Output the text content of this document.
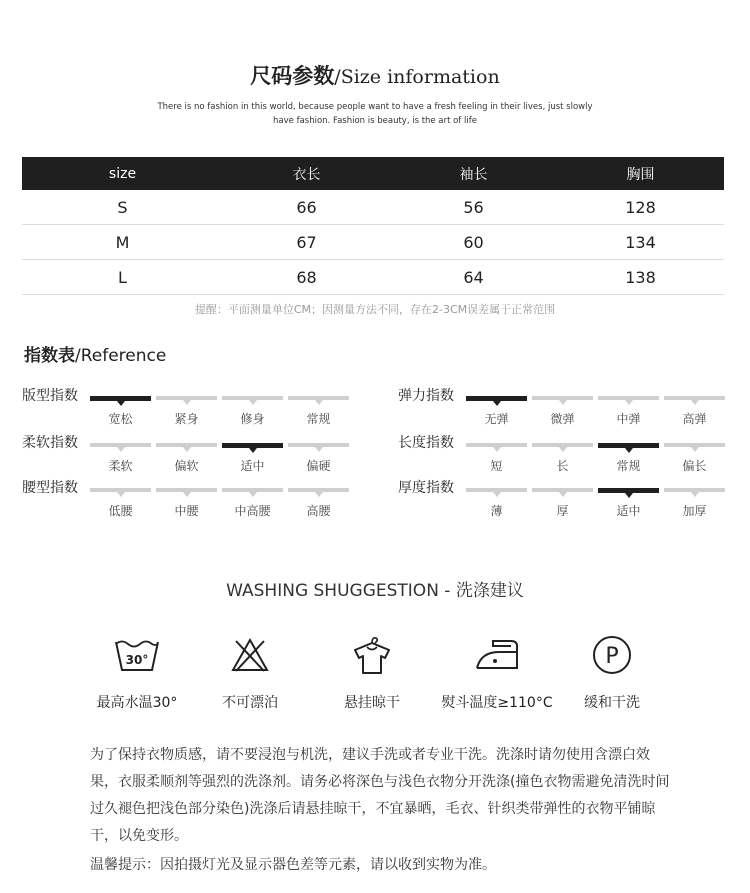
尺码参数/Size information
There is no fashion in this world, because people want to have a fresh feeling in their lives, just slowly
have fashion. Fashion is beauty, is the art of life
size	衣长	袖长	胸围
S	66	56	128
M	67	60	134
L	68	64	138
提醒：平面测量单位CM；因测量方法不同，存在2-3CM误差属于正常范围
指数表/Reference
版型指数
宽松	紧身	修身	常规
柔软指数
柔软	偏软	适中	偏硬
腰型指数
低腰	中腰	中高腰	高腰
弹力指数
无弹	微弹	中弹	高弹
长度指数
短	长	常规	偏长
厚度指数
薄	厚	适中	加厚
WASHING SHUGGESTION - 洗涤建议
30°
最高水温30°	不可漂泊	悬挂晾干	熨斗温度≥110°C
P
缓和干洗
为了保持衣物质感，请不要浸泡与机洗，建议手洗或者专业干洗。洗涤时请勿使用含漂白效果，衣服柔顺剂等强烈的洗涤剂。请务必将深色与浅色衣物分开洗涤(撞色衣物需避免清洗时间过久褪色把浅色部分染色)洗涤后请悬挂晾干，不宜暴晒，毛衣、针织类带弹性的衣物平铺晾干，以免变形。
温馨提示：因拍摄灯光及显示器色差等元素，请以收到实物为准。
